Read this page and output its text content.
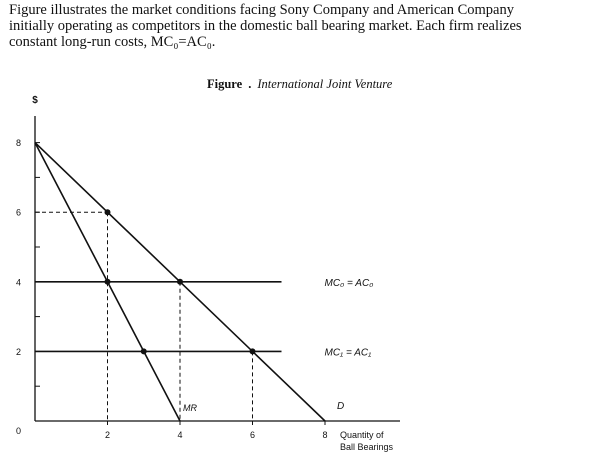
Figure illustrates the market conditions facing Sony Company and American Company
initially operating as competitors in the domestic ball bearing market. Each firm realizes
constant long-run costs, MC₀=AC₀.
Figure . International Joint Venture
2
4
6
8
0	2	4	6	8
$
Quantity of
Ball Bearings
D
MR
MC₀ = AC₀
MC₁ = AC₁
